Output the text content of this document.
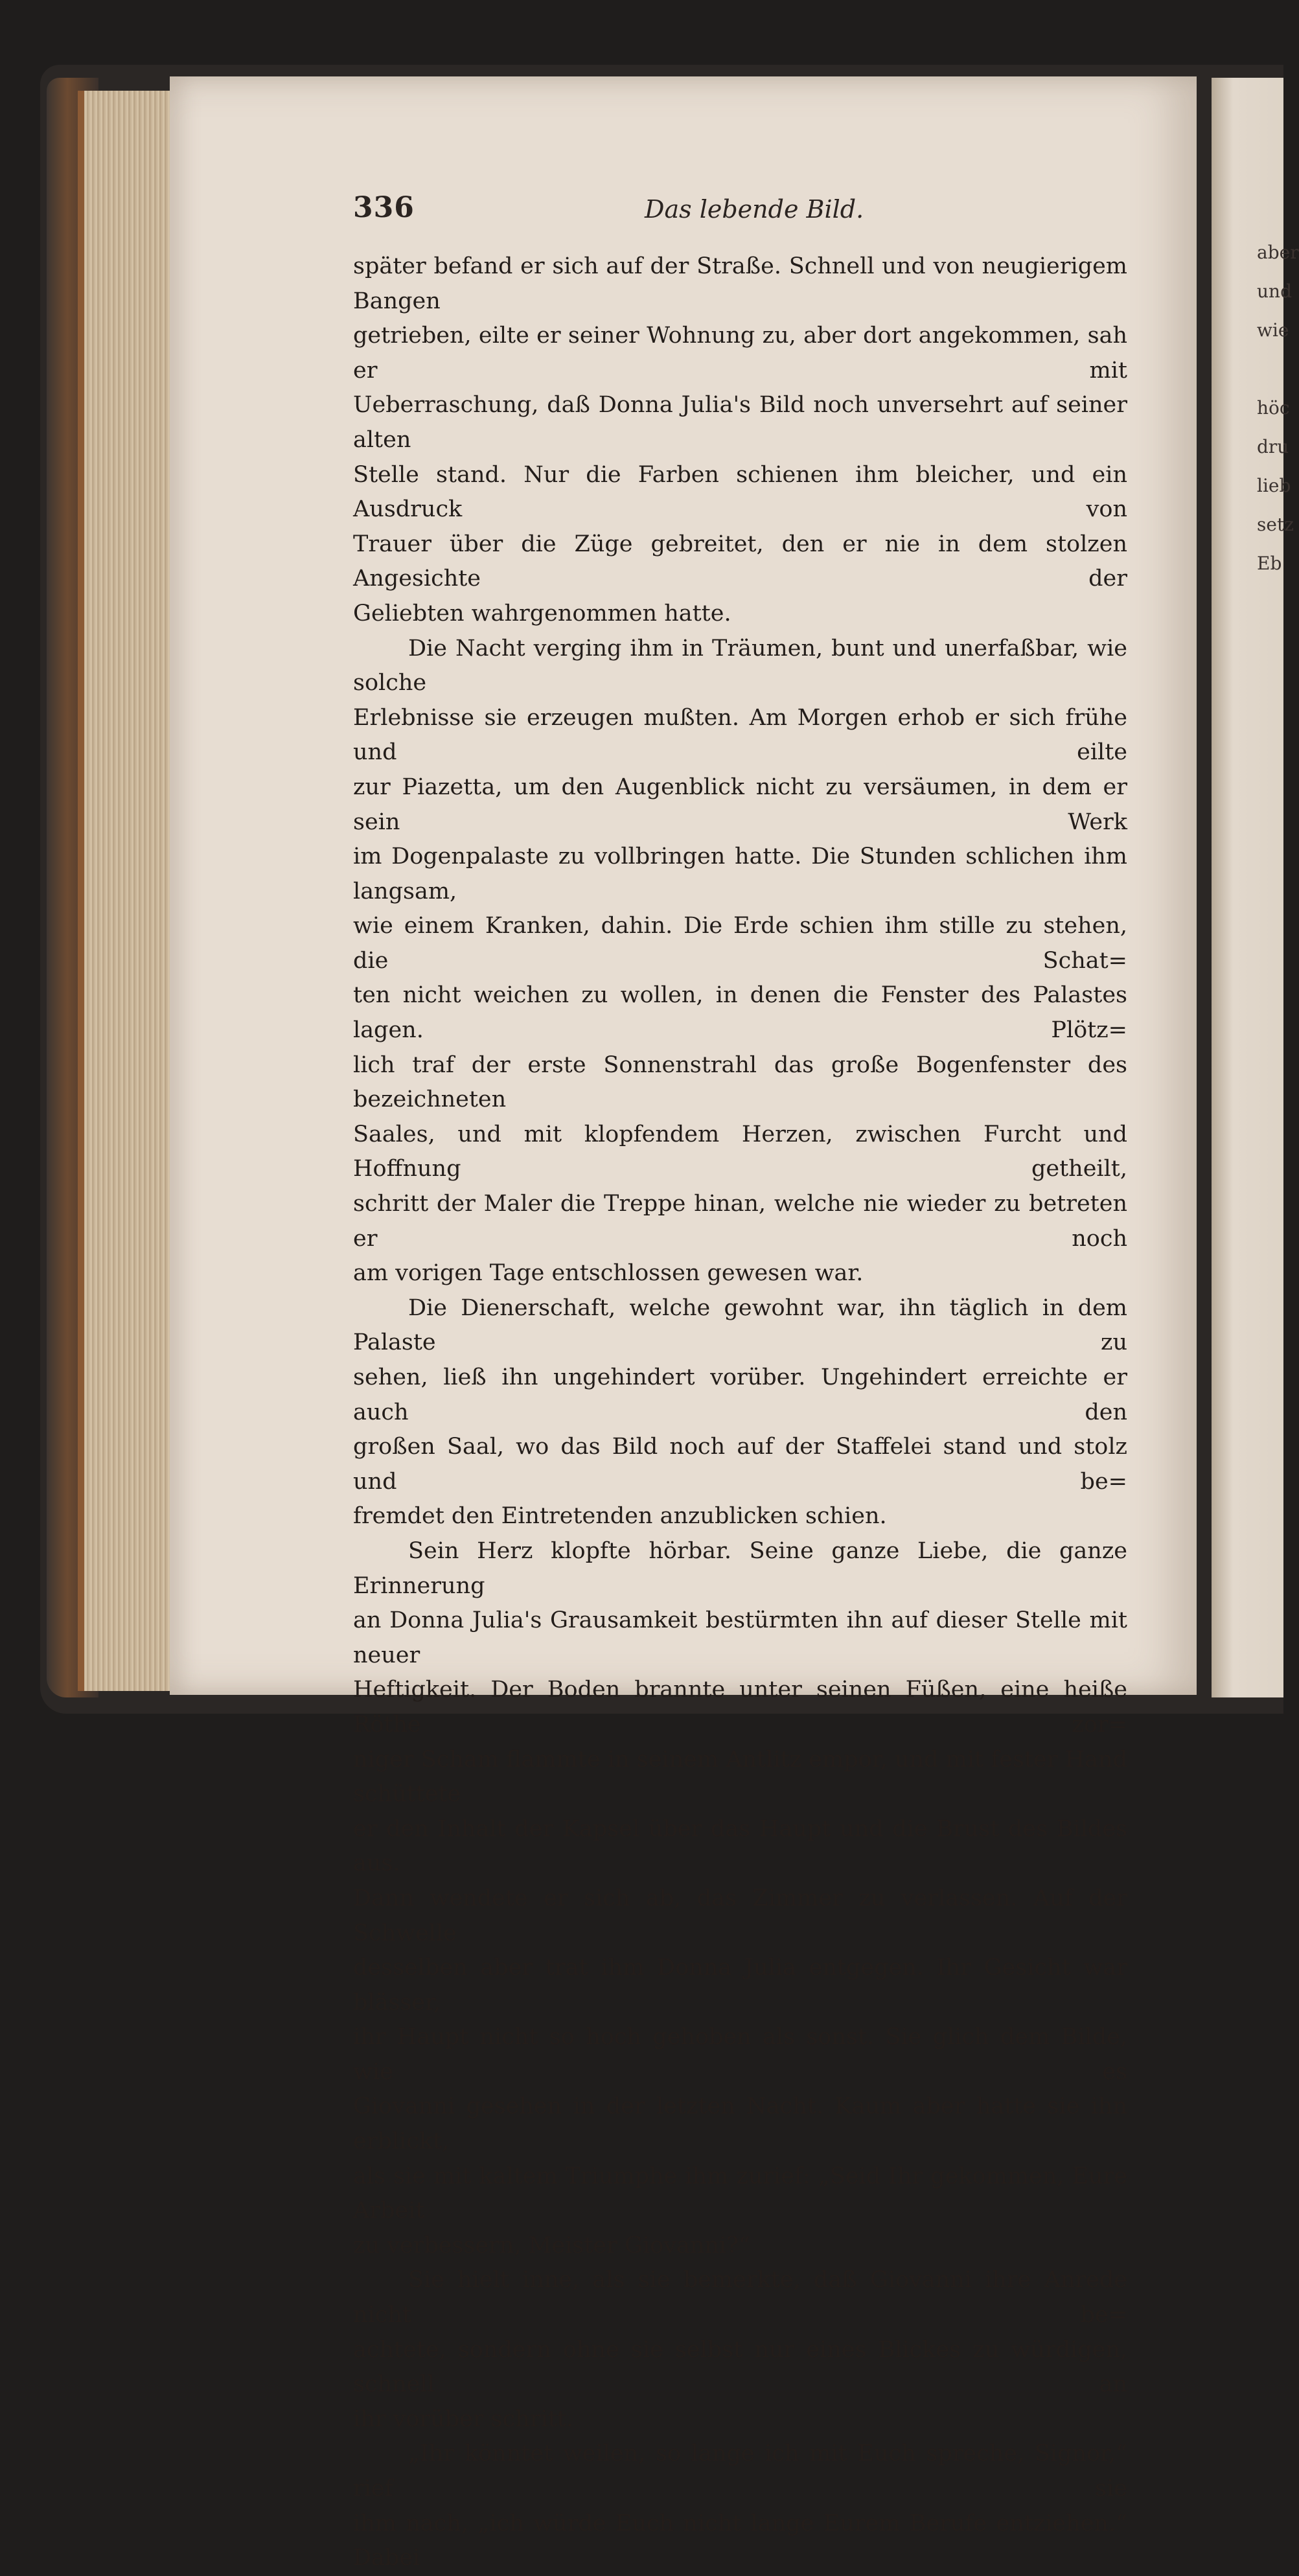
aber
und
wie

höc
dru
lieb
setz
Eb
336	Das lebende Bild.

später befand er sich auf der Straße. Schnell und von neugierigem Bangen

getrieben, eilte er seiner Wohnung zu, aber dort angekommen, sah er mit

Ueberraschung, daß Donna Julia's Bild noch unversehrt auf seiner alten

Stelle stand. Nur die Farben schienen ihm bleicher, und ein Ausdruck von

Trauer über die Züge gebreitet, den er nie in dem stolzen Angesichte der

Geliebten wahrgenommen hatte.

Die Nacht verging ihm in Träumen, bunt und unerfaßbar, wie solche

Erlebnisse sie erzeugen mußten. Am Morgen erhob er sich frühe und eilte

zur Piazetta, um den Augenblick nicht zu versäumen, in dem er sein Werk

im Dogenpalaste zu vollbringen hatte. Die Stunden schlichen ihm langsam,

wie einem Kranken, dahin. Die Erde schien ihm stille zu stehen, die Schat=

ten nicht weichen zu wollen, in denen die Fenster des Palastes lagen. Plötz=

lich traf der erste Sonnenstrahl das große Bogenfenster des bezeichneten

Saales, und mit klopfendem Herzen, zwischen Furcht und Hoffnung getheilt,

schritt der Maler die Treppe hinan, welche nie wieder zu betreten er noch

am vorigen Tage entschlossen gewesen war.

Die Dienerschaft, welche gewohnt war, ihn täglich in dem Palaste zu

sehen, ließ ihn ungehindert vorüber. Ungehindert erreichte er auch den

großen Saal, wo das Bild noch auf der Staffelei stand und stolz und be=

fremdet den Eintretenden anzublicken schien.

Sein Herz klopfte hörbar. Seine ganze Liebe, die ganze Erinnerung

an Donna Julia's Grausamkeit bestürmten ihn auf dieser Stelle mit neuer

Heftigkeit. Der Boden brannte unter seinen Füßen, eine heiße Röthe zor=

niger Scham flammte in seinem Antlitz empor, und mit fester Hand schüttete

er den Inhalt der Kapsel über das Haupt und die Brust des Bildes aus.

Dann wendete er sich ab, das Zimmer zu verlassen. Auf der Schwelle

desselben aber trat ihm Donna Julia entgegen. Ihr Gesicht war blässer,

ihr Haupt nicht so hoch gehoben als sonst. Sie glich dem Bilde, wie es

Giovanni gesehen in der letzten Nacht. Kaum aber hatte sie ihn erblickt,

als sie mit kaltem Triumphe ihm zurief: „Seid Ihr gekommen, Eure Arbeit

zu verbessern, Meister Giovanni?“

Sie hielt inne, als sie bemerkte, daß Giovanni ihre Anrede nicht be=

achtete, sondern ohne sie selbst nur eines Blickes zu würdigen, schnell an

ihr vorüber schritt.

„Ihr könntet weilen, so lange ich mit Euch spreche, Signor,“ rief sie

ihm nach, „ich würde Euch nicht lange Eurem Berufe entziehen.“ Dabei
